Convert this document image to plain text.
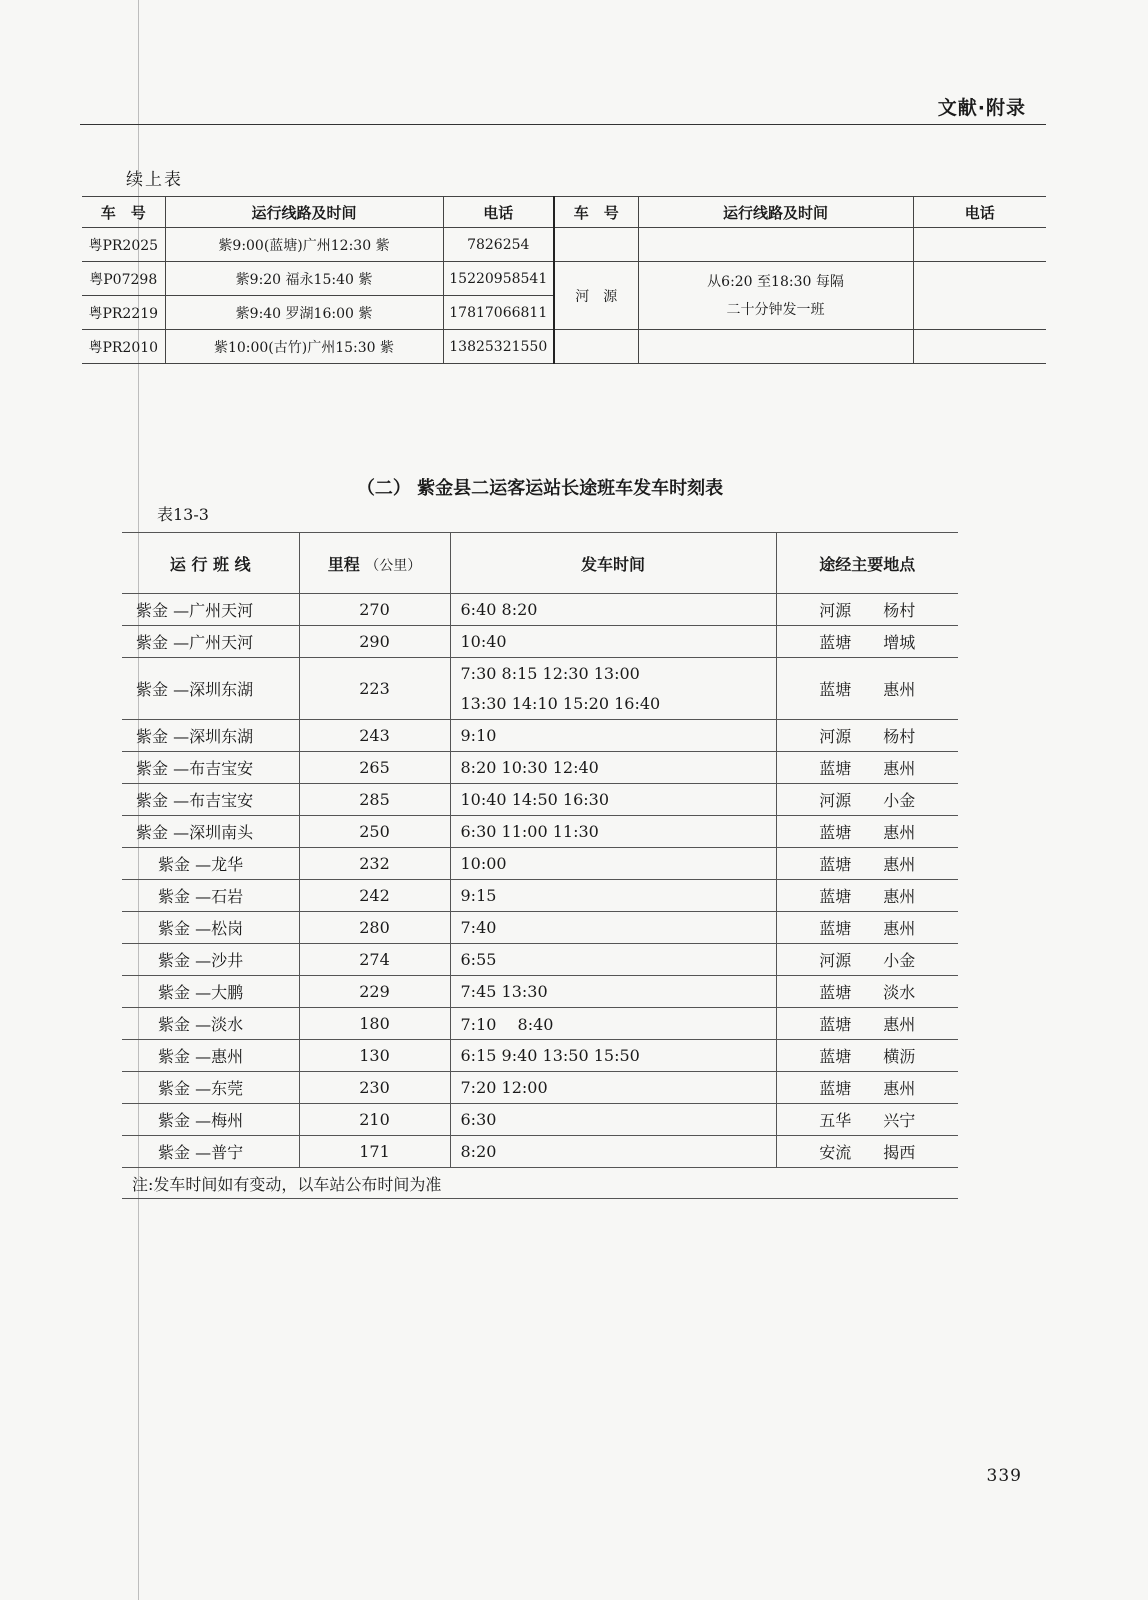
文献·附录
续上表
车　号	运行线路及时间	电话	车　号	运行线路及时间	电话
粤PR2025	紫9:00(蓝塘)广州12:30 紫	7826254			
粤P07298	紫9:20 福永15:40 紫	15220958541	河　源	从6:20 至18:30 每隔
二十分钟发一班	

粤PR2219	紫9:40 罗湖16:00 紫	17817066811			
粤PR2010	紫10:00(古竹)广州15:30 紫	13825321550			
（二） 紫金县二运客运站长途班车发车时刻表
表13-3
运 行 班 线	里程 （公里）	发车时间	途经主要地点
紫金 —广州天河	270	6:40 8:20	河源　　杨村
紫金 —广州天河	290	10:40	蓝塘　　增城
紫金 —深圳东湖	223	7:30 8:15 12:30 13:00
13:30 14:10 15:20 16:40	蓝塘　　惠州
紫金 —深圳东湖	243	9:10	河源　　杨村
紫金 —布吉宝安	265	8:20 10:30 12:40	蓝塘　　惠州
紫金 —布吉宝安	285	10:40 14:50 16:30	河源　　小金
紫金 —深圳南头	250	6:30 11:00 11:30	蓝塘　　惠州
紫金 —龙华	232	10:00	蓝塘　　惠州
紫金 —石岩	242	9:15	蓝塘　　惠州
紫金 —松岗	280	7:40	蓝塘　　惠州
紫金 —沙井	274	6:55	河源　　小金
紫金 —大鹏	229	7:45 13:30	蓝塘　　淡水
紫金 —淡水	180	7:10　 8:40	蓝塘　　惠州
紫金 —惠州	130	6:15 9:40 13:50 15:50	蓝塘　　横沥
紫金 —东莞	230	7:20 12:00	蓝塘　　惠州
紫金 —梅州	210	6:30	五华　　兴宁
紫金 —普宁	171	8:20	安流　　揭西
注:发车时间如有变动，以车站公布时间为准			
339
